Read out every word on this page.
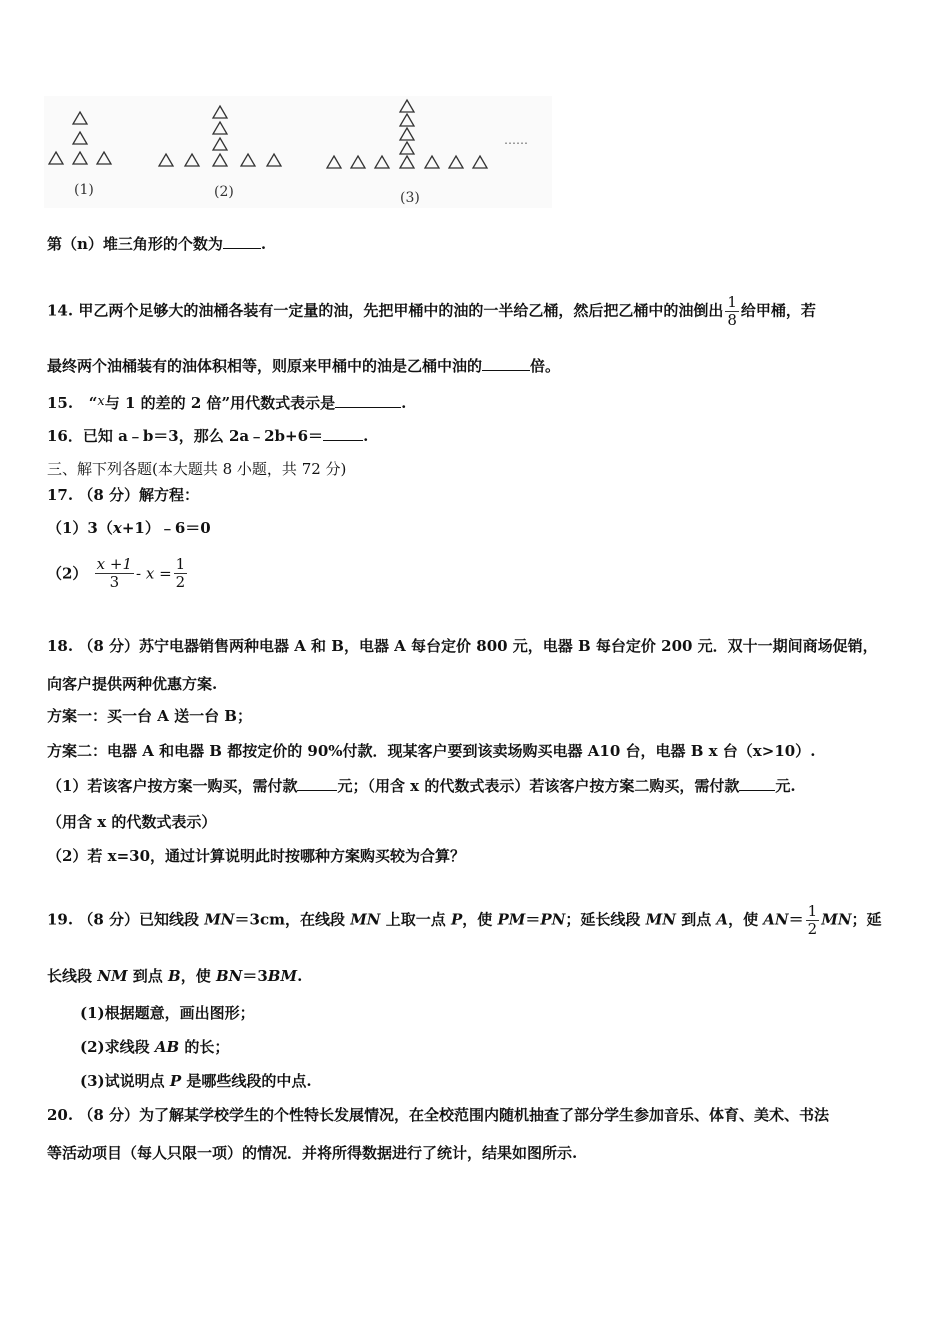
(1)	(2)	(3)
……
第（n）堆三角形的个数为	.
14. 甲乙两个足够大的油桶各装有一定量的油，先把甲桶中的油的一半给乙桶，然后把乙桶中的油倒出 $\frac{1}{8}$ 给甲桶，若
最终两个油桶装有的油体积相等，则原来甲桶中的油是乙桶中油的	倍。
15. “x与 1 的差的 2 倍”用代数式表示是	.
16．已知 a﹣b＝3，那么 2a﹣2b+6＝	.
三、解下列各题(本大题共 8 小题，共 72 分)
17. （8 分）解方程：
（1）3（x+1）﹣6＝0
$(2) \frac{x +1}{3} - x = \frac{1}{2}$
18. （8 分）苏宁电器销售两种电器 A 和 B，电器 A 每台定价 800 元，电器 B 每台定价 200 元．双十一期间商场促销，
向客户提供两种优惠方案.
方案一：买一台 A 送一台 B；
方案二：电器 A 和电器 B 都按定价的 90%付款．现某客户要到该卖场购买电器 A10 台，电器 B x 台（x>10）.
（1）若该客户按方案一购买，需付款	元；（用含 x 的代数式表示）若该客户按方案二购买，需付款 元.
（用含 x 的代数式表示）
（2）若 x=30，通过计算说明此时按哪种方案购买较为合算？
19. （8 分）已知线段 MN＝3cm，在线段 MN 上取一点 P，使 PM＝PN；延长线段 MN 到点 A，使 $AN= \frac{1}{2}$ MN；延
长线段 NM 到点 B，使 BN＝3BM.
(1)根据题意，画出图形；
(2)求线段 AB 的长；
(3)试说明点 P 是哪些线段的中点.
20. （8 分）为了解某学校学生的个性特长发展情况，在全校范围内随机抽查了部分学生参加音乐、体育、美术、书法
等活动项目（每人只限一项）的情况．并将所得数据进行了统计，结果如图所示.
